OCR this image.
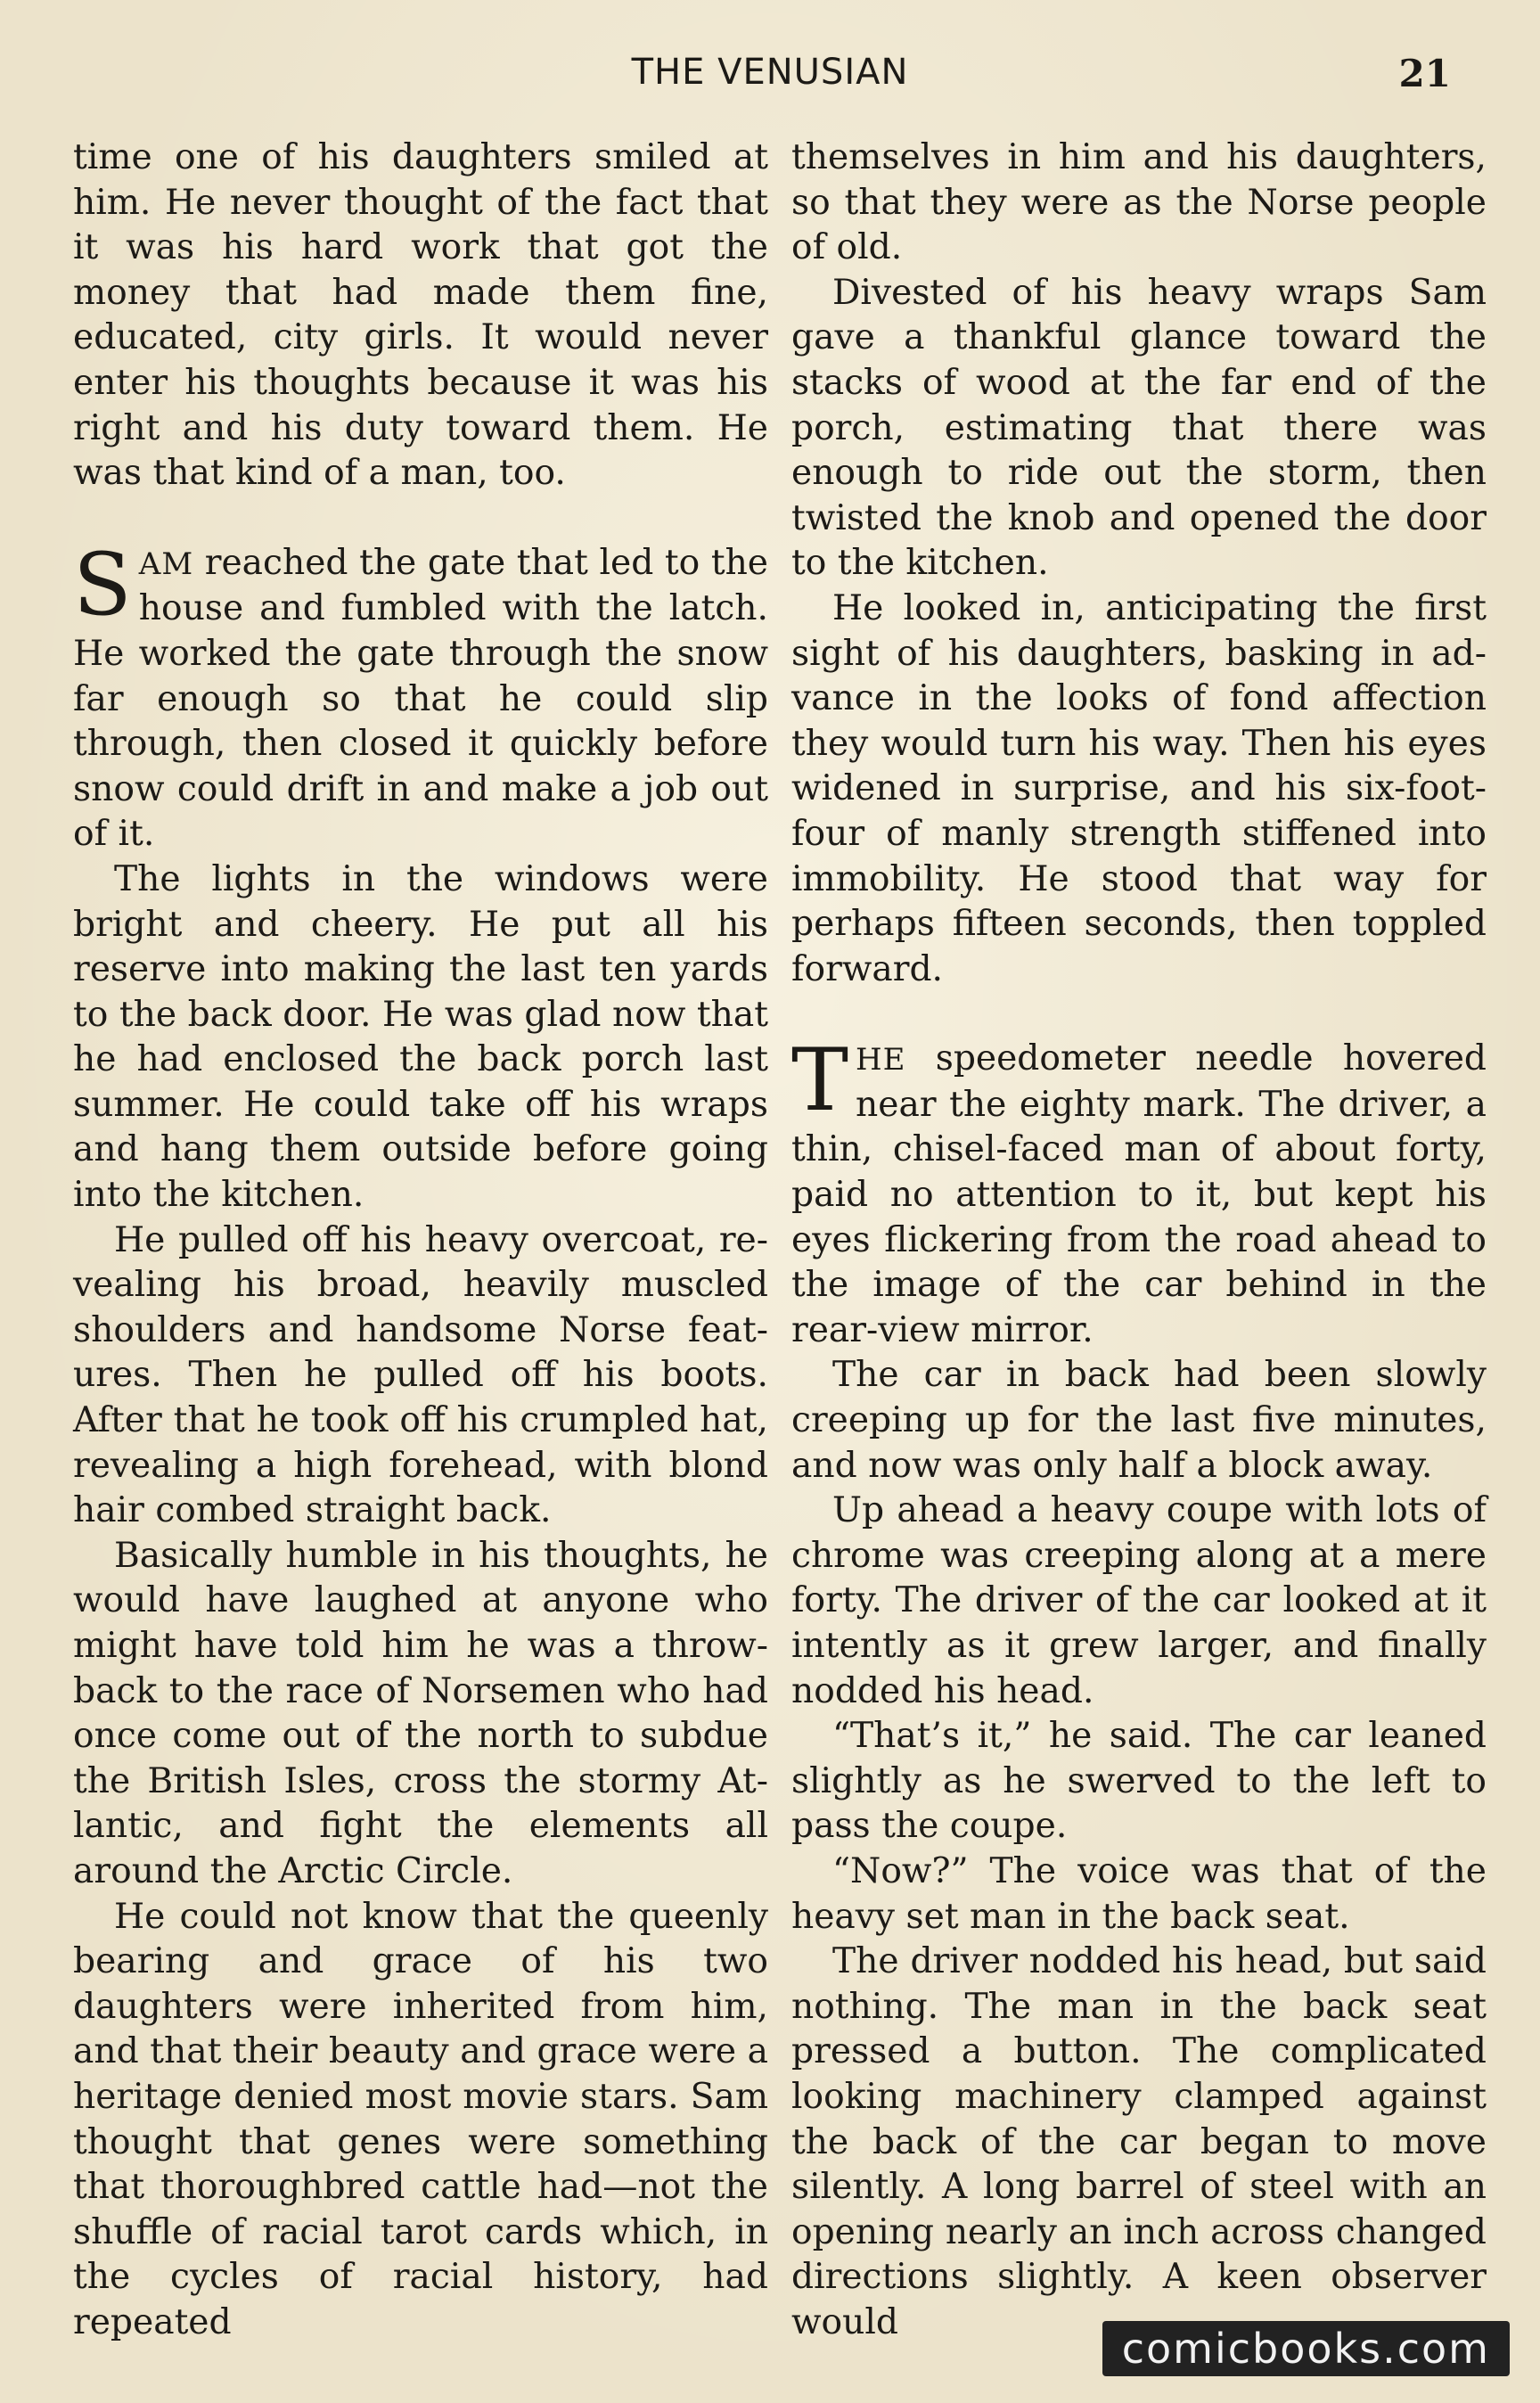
THE VENUSIAN	21

time one of his daughters smiled at him. He never thought of the fact that it was his hard work that got the money that had made them fine, educated, city girls. It would never enter his thoughts because it was his right and his duty toward them. He was that kind of a man, too.

SAM reached the gate that led to the house and fumbled with the latch. He worked the gate through the snow far enough so that he could slip through, then closed it quickly before snow could drift in and make a job out of it.

The lights in the windows were bright and cheery. He put all his reserve into making the last ten yards to the back door. He was glad now that he had enclosed the back porch last summer. He could take off his wraps and hang them outside before going into the kitchen.

He pulled off his heavy overcoat, revealing his broad, heavily muscled shoulders and handsome Norse features. Then he pulled off his boots. After that he took off his crumpled hat, revealing a high forehead, with blond hair combed straight back.

Basically humble in his thoughts, he would have laughed at anyone who might have told him he was a throwback to the race of Norsemen who had once come out of the north to subdue the British Isles, cross the stormy Atlantic, and fight the elements all around the Arctic Circle.

He could not know that the queenly bearing and grace of his two daughters were inherited from him, and that their beauty and grace were a heritage denied most movie stars. Sam thought that genes were something that thoroughbred cattle had—not the shuffle of racial tarot cards which, in the cycles of racial history, had repeated

themselves in him and his daughters, so that they were as the Norse people of old.

Divested of his heavy wraps Sam gave a thankful glance toward the stacks of wood at the far end of the porch, estimating that there was enough to ride out the storm, then twisted the knob and opened the door to the kitchen.

He looked in, anticipating the first sight of his daughters, basking in advance in the looks of fond affection they would turn his way. Then his eyes widened in surprise, and his six-foot-four of manly strength stiffened into immobility. He stood that way for perhaps fifteen seconds, then toppled forward.

THE speedometer needle hovered near the eighty mark. The driver, a thin, chisel-faced man of about forty, paid no attention to it, but kept his eyes flickering from the road ahead to the image of the car behind in the rear-view mirror.

The car in back had been slowly creeping up for the last five minutes, and now was only half a block away.

Up ahead a heavy coupe with lots of chrome was creeping along at a mere forty. The driver of the car looked at it intently as it grew larger, and finally nodded his head.

“That’s it,” he said. The car leaned slightly as he swerved to the left to pass the coupe.

“Now?” The voice was that of the heavy set man in the back seat.

The driver nodded his head, but said nothing. The man in the back seat pressed a button. The complicated looking machinery clamped against the back of the car began to move silently. A long barrel of steel with an opening nearly an inch across changed directions slightly. A keen observer would

comicbooks.com
